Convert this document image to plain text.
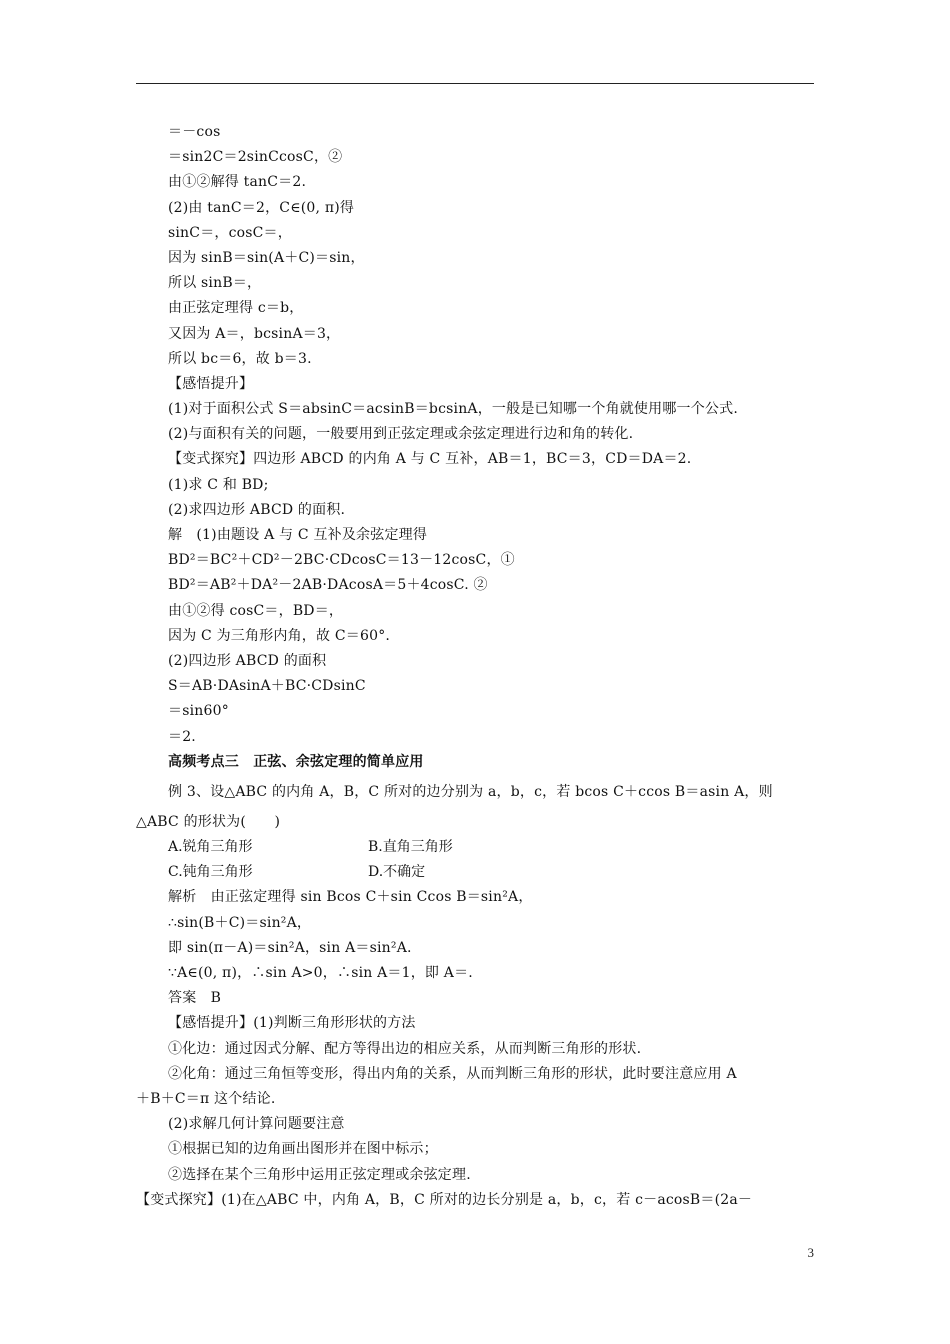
＝－cos
＝sin2C＝2sinCcosC，②
由①②解得 tanC＝2.
(2)由 tanC＝2，C∈(0, π)得
sinC＝，cosC＝，
因为 sinB＝sin(A＋C)＝sin，
所以 sinB＝，
由正弦定理得 c＝b，
又因为 A＝，bcsinA＝3，
所以 bc＝6，故 b＝3.
【感悟提升】
(1)对于面积公式 S＝absinC＝acsinB＝bcsinA，一般是已知哪一个角就使用哪一个公式.
(2)与面积有关的问题，一般要用到正弦定理或余弦定理进行边和角的转化.
【变式探究】四边形 ABCD 的内角 A 与 C 互补，AB＝1，BC＝3，CD＝DA＝2.
(1)求 C 和 BD;
(2)求四边形 ABCD 的面积.
解　(1)由题设 A 与 C 互补及余弦定理得
BD²＝BC²＋CD²－2BC·CDcosC＝13－12cosC，①
BD²＝AB²＋DA²－2AB·DAcosA＝5＋4cosC. ②
由①②得 cosC＝，BD＝，
因为 C 为三角形内角，故 C＝60°.
(2)四边形 ABCD 的面积
S＝AB·DAsinA＋BC·CDsinC
＝sin60°
＝2.
高频考点三　正弦、余弦定理的简单应用
例 3、设△ABC 的内角 A，B，C 所对的边分别为 a，b，c，若 bcos C＋ccos B＝asin A，则
△ABC 的形状为(　　)
A.锐角三角形	B.直角三角形
C.钝角三角形	D.不确定
解析　由正弦定理得 sin Bcos C＋sin Ccos B＝sin²A，
∴sin(B＋C)＝sin²A，
即 sin(π－A)＝sin²A，sin A＝sin²A.
∵A∈(0, π)，∴sin A>0，∴sin A＝1，即 A＝.
答案　B
【感悟提升】(1)判断三角形形状的方法
①化边：通过因式分解、配方等得出边的相应关系，从而判断三角形的形状.
②化角：通过三角恒等变形，得出内角的关系，从而判断三角形的形状，此时要注意应用 A
＋B＋C＝π 这个结论.
(2)求解几何计算问题要注意
①根据已知的边角画出图形并在图中标示；
②选择在某个三角形中运用正弦定理或余弦定理.
【变式探究】(1)在△ABC 中，内角 A，B，C 所对的边长分别是 a，b，c，若 c－acosB＝(2a－
3
